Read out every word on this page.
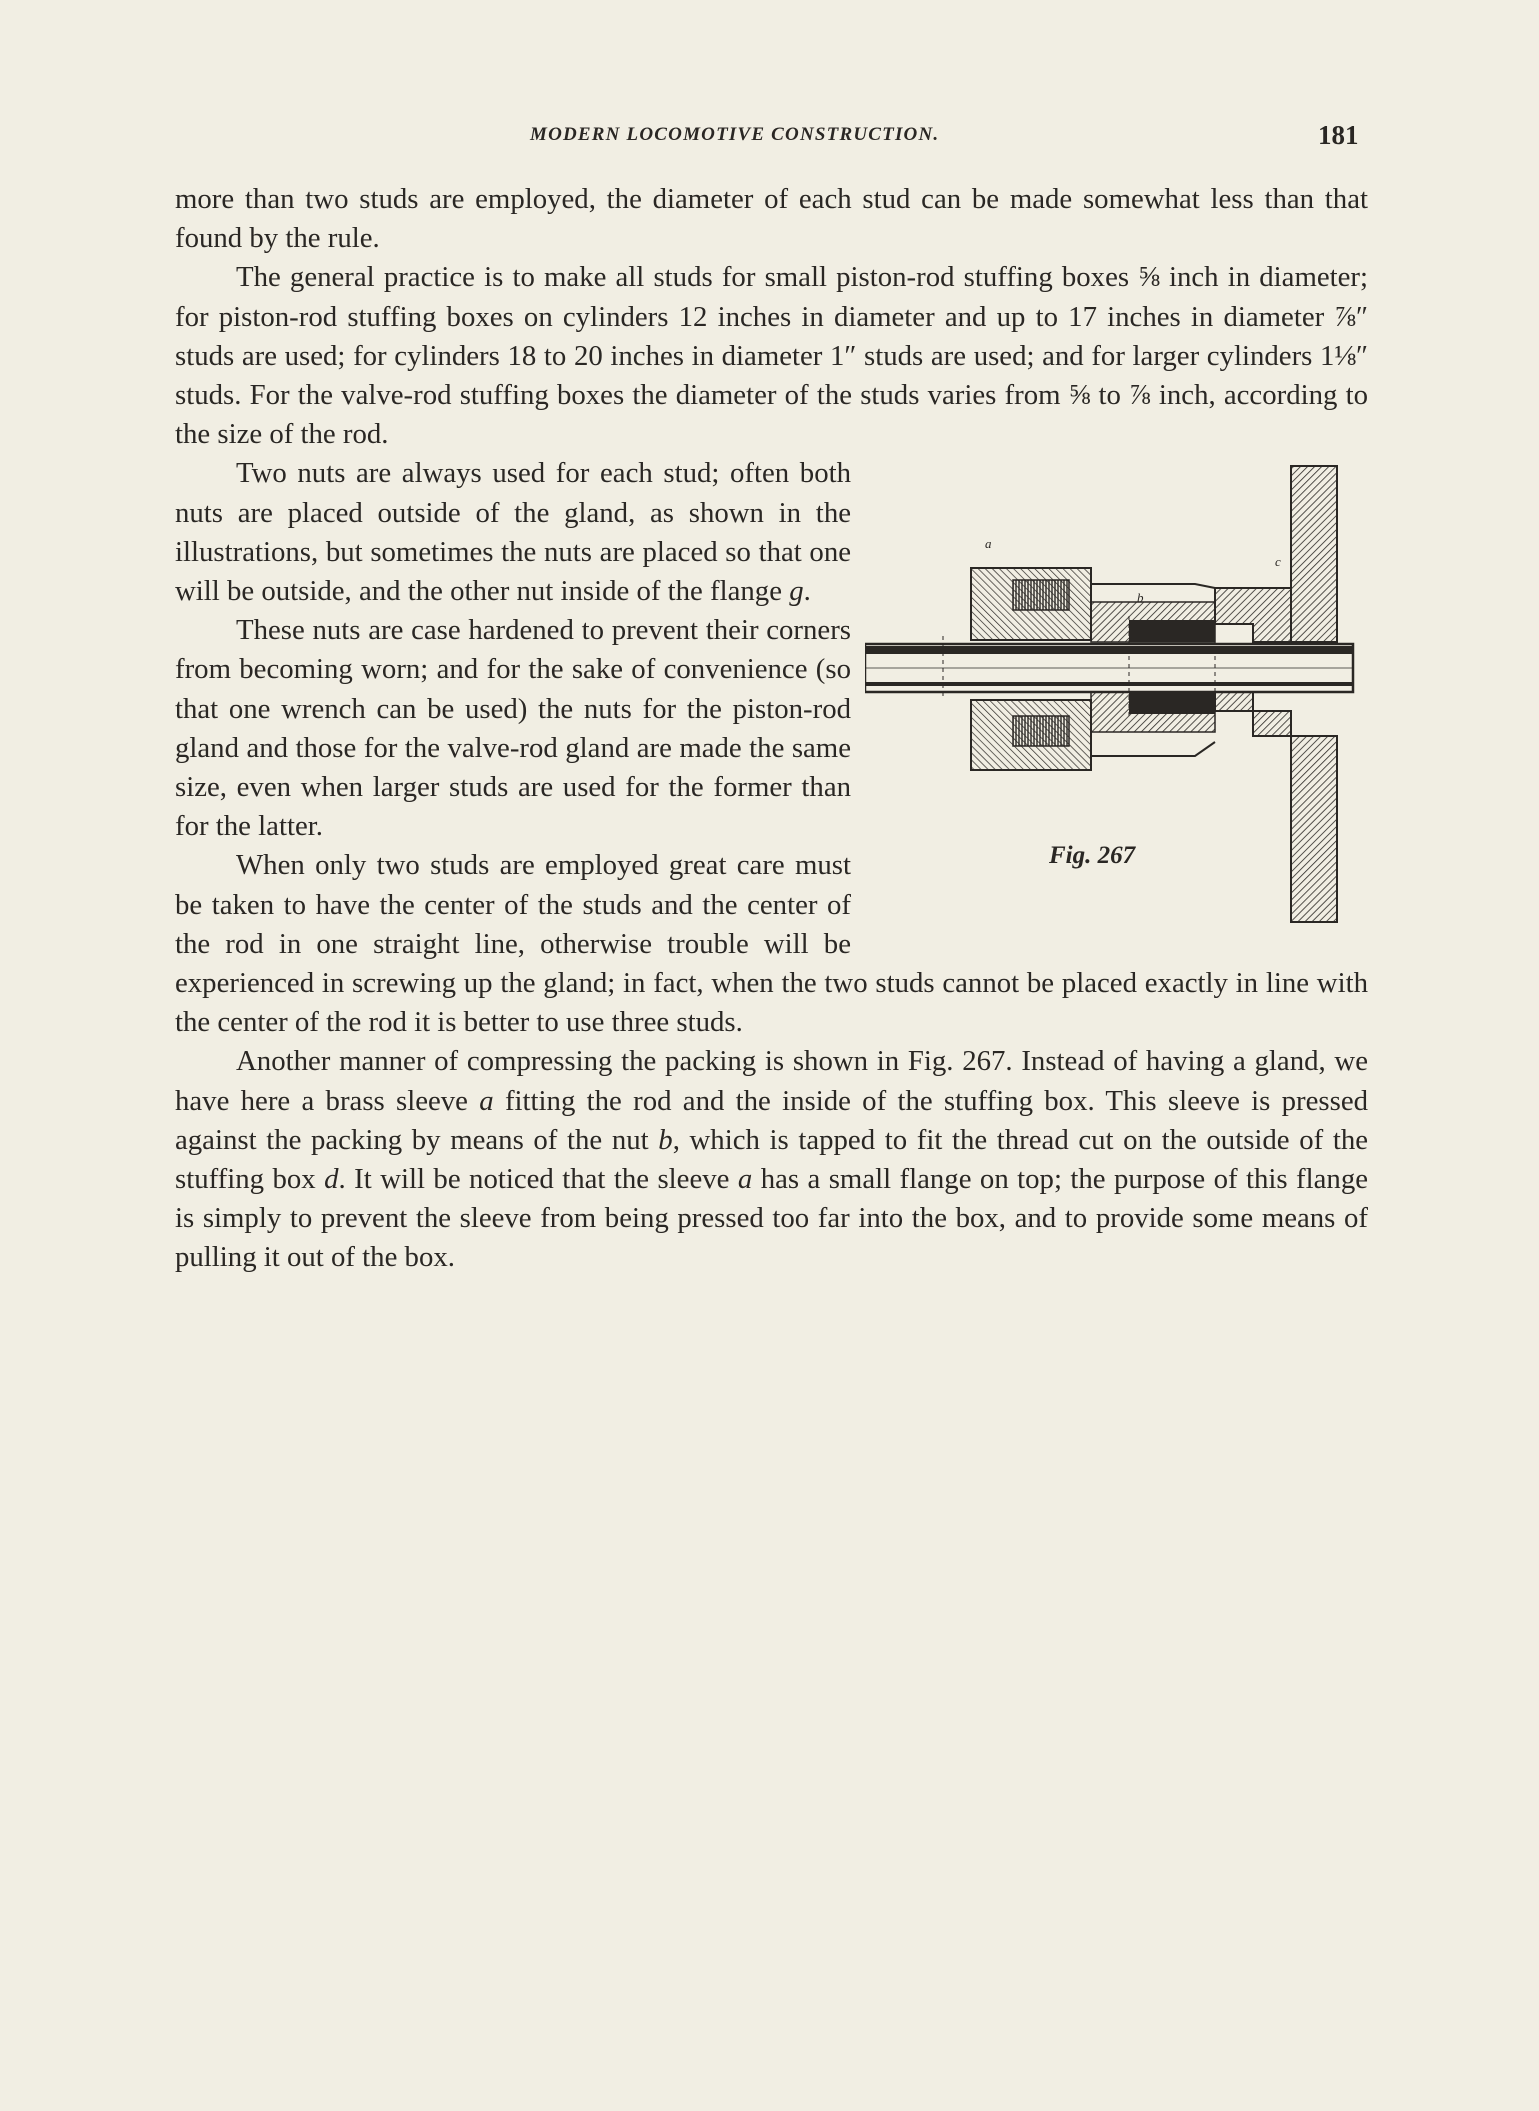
MODERN LOCOMOTIVE CONSTRUCTION.	181

more than two studs are employed, the diameter of each stud can be made somewhat less than that found by the rule.

The general practice is to make all studs for small piston-rod stuffing boxes ⅝ inch in diameter; for piston-rod stuffing boxes on cylinders 12 inches in diameter and up to 17 inches in diameter ⅞″ studs are used; for cylinders 18 to 20 inches in diameter 1″ studs are used; and for larger cylinders 1⅛″ studs. For the valve-rod stuffing boxes the diameter of the studs varies from ⅝ to ⅞ inch, according to the size of the rod.

a
b
c
Fig. 267

Two nuts are always used for each stud; often both nuts are placed outside of the gland, as shown in the illustrations, but sometimes the nuts are placed so that one will be outside, and the other nut inside of the flange g.

These nuts are case hardened to prevent their corners from becoming worn; and for the sake of convenience (so that one wrench can be used) the nuts for the piston-rod gland and those for the valve-rod gland are made the same size, even when larger studs are used for the former than for the latter.

When only two studs are employed great care must be taken to have the center of the studs and the center of the rod in one straight line, otherwise trouble will be experienced in screwing up the gland; in fact, when the two studs cannot be placed exactly in line with the center of the rod it is better to use three studs.

Another manner of compressing the packing is shown in Fig. 267. Instead of having a gland, we have here a brass sleeve a fitting the rod and the inside of the stuffing box. This sleeve is pressed against the packing by means of the nut b, which is tapped to fit the thread cut on the outside of the stuffing box d. It will be noticed that the sleeve a has a small flange on top; the purpose of this flange is simply to prevent the sleeve from being pressed too far into the box, and to provide some means of pulling it out of the box.
